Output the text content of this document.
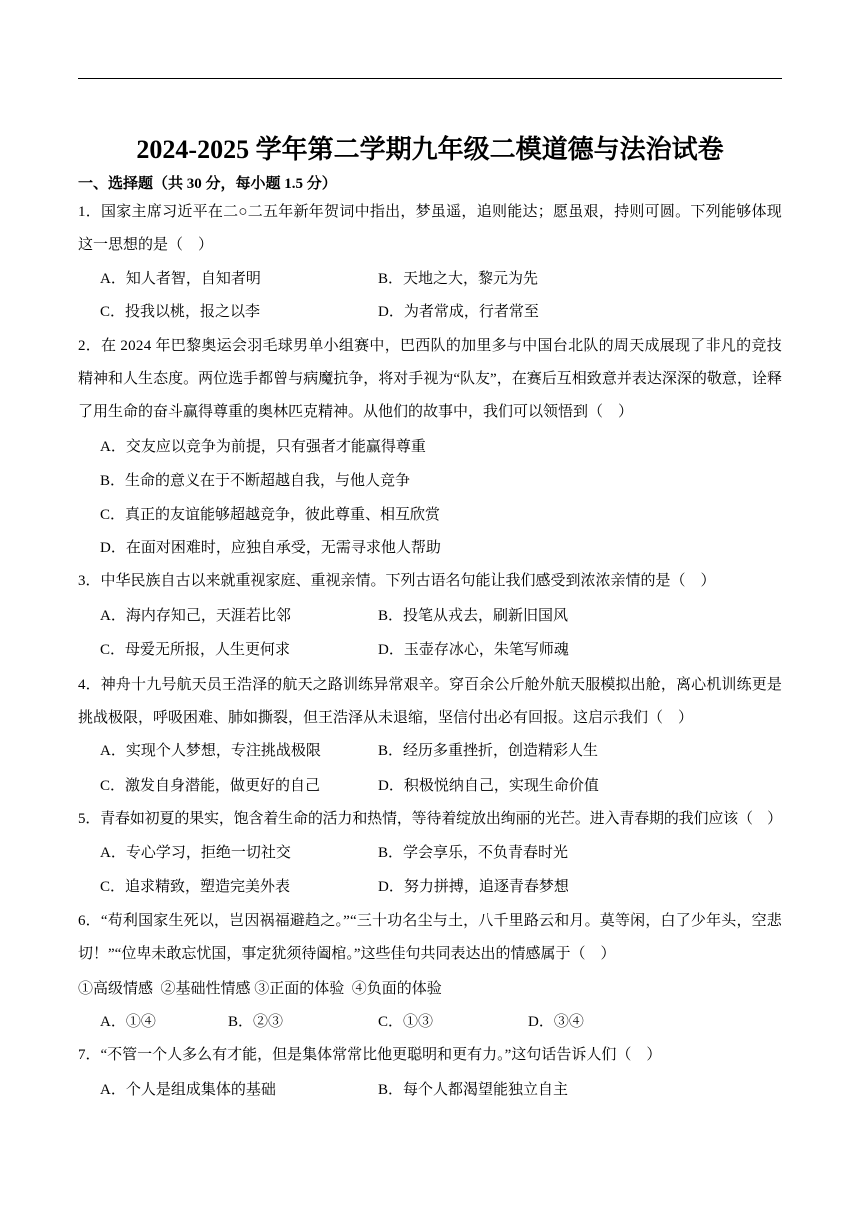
2024-2025 学年第二学期九年级二模道德与法治试卷
一、选择题（共 30 分，每小题 1.5 分）
1．国家主席习近平在二○二五年新年贺词中指出，梦虽遥，追则能达；愿虽艰，持则可圆。下列能够体现
这一思想的是（    ）
A．知人者智，自知者明	B．天地之大，黎元为先
C．投我以桃，报之以李	D．为者常成，行者常至
2．在 2024 年巴黎奥运会羽毛球男单小组赛中，巴西队的加里多与中国台北队的周天成展现了非凡的竞技
精神和人生态度。两位选手都曾与病魔抗争，将对手视为“队友”，在赛后互相致意并表达深深的敬意，诠释
了用生命的奋斗赢得尊重的奥林匹克精神。从他们的故事中，我们可以领悟到（    ）
A．交友应以竞争为前提，只有强者才能赢得尊重
B．生命的意义在于不断超越自我，与他人竞争
C．真正的友谊能够超越竞争，彼此尊重、相互欣赏
D．在面对困难时，应独自承受，无需寻求他人帮助
3．中华民族自古以来就重视家庭、重视亲情。下列古语名句能让我们感受到浓浓亲情的是（    ）
A．海内存知己，天涯若比邻	B．投笔从戎去，刷新旧国风
C．母爱无所报，人生更何求	D．玉壶存冰心，朱笔写师魂
4．神舟十九号航天员王浩泽的航天之路训练异常艰辛。穿百余公斤舱外航天服模拟出舱，离心机训练更是
挑战极限，呼吸困难、肺如撕裂，但王浩泽从未退缩，坚信付出必有回报。这启示我们（    ）
A．实现个人梦想，专注挑战极限	B．经历多重挫折，创造精彩人生
C．激发自身潜能，做更好的自己	D．积极悦纳自己，实现生命价值
5．青春如初夏的果实，饱含着生命的活力和热情，等待着绽放出绚丽的光芒。进入青春期的我们应该（    ）
A．专心学习，拒绝一切社交	B．学会享乐，不负青春时光
C．追求精致，塑造完美外表	D．努力拼搏，追逐青春梦想
6．“苟利国家生死以，岂因祸福避趋之。”“三十功名尘与土，八千里路云和月。莫等闲，白了少年头，空悲
切！”“位卑未敢忘忧国，事定犹须待阖棺。”这些佳句共同表达出的情感属于（    ）
①高级情感  ②基础性情感 ③正面的体验  ④负面的体验
A．①④	B．②③	C．①③	D．③④
7．“不管一个人多么有才能，但是集体常常比他更聪明和更有力。”这句话告诉人们（    ）
A．个人是组成集体的基础	B．每个人都渴望能独立自主
